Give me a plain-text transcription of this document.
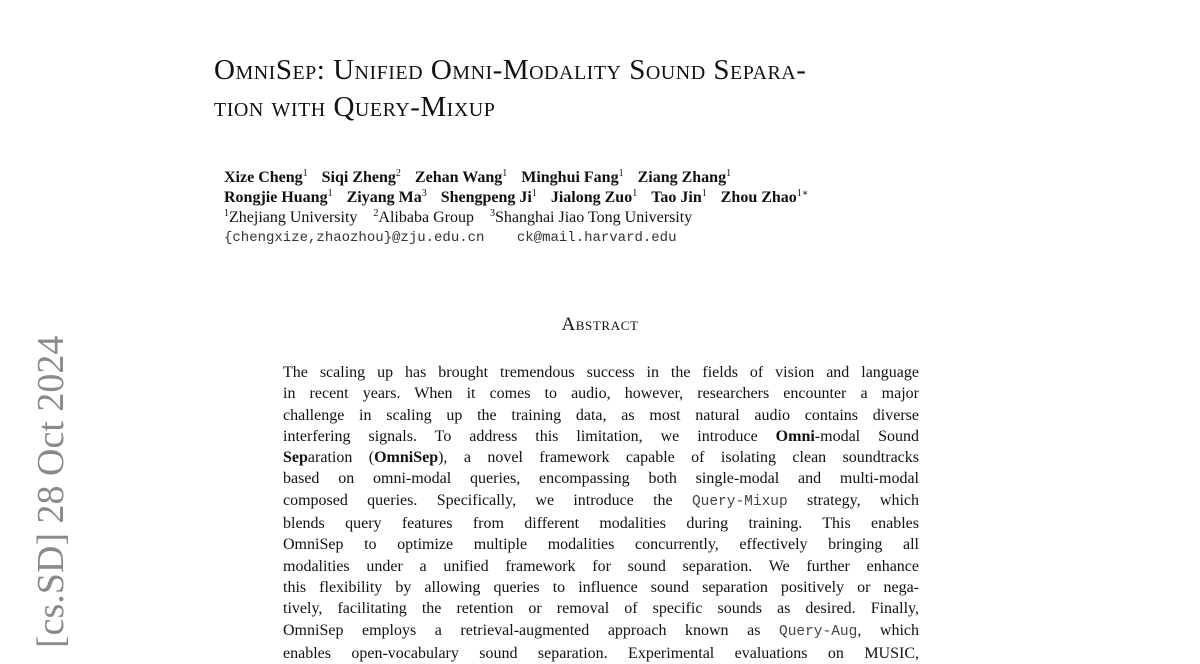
[cs.SD] 28 Oct 2024
OmniSep: Unified Omni-Modality Sound Separa-
tion with Query-Mixup
Xize Cheng$^1$ Siqi Zheng$^2$ Zehan Wang$^1$ Minghui Fang$^1$ Ziang Zhang$^1$
Rongjie Huang$^1$ Ziyang Ma$^3$ Shengpeng Ji$^1$ Jialong Zuo$^1$ Tao Jin$^1$ Zhou Zhao$^{1∗}$
$^1$Zhejiang University $^2$Alibaba Group $^3$Shanghai Jiao Tong University
{chengxize,zhaozhou}@zju.edu.cn ck@mail.harvard.edu
Abstract
The scaling up has brought tremendous success in the fields of vision and language
in recent years. When it comes to audio, however, researchers encounter a major
challenge in scaling up the training data, as most natural audio contains diverse
interfering signals. To address this limitation, we introduce Omni-modal Sound
Separation (OmniSep), a novel framework capable of isolating clean soundtracks
based on omni-modal queries, encompassing both single-modal and multi-modal
composed queries. Specifically, we introduce the Query-Mixup strategy, which
blends query features from different modalities during training. This enables
OmniSep to optimize multiple modalities concurrently, effectively bringing all
modalities under a unified framework for sound separation. We further enhance
this flexibility by allowing queries to influence sound separation positively or nega-
tively, facilitating the retention or removal of specific sounds as desired. Finally,
OmniSep employs a retrieval-augmented approach known as Query-Aug, which
enables open-vocabulary sound separation. Experimental evaluations on MUSIC,
